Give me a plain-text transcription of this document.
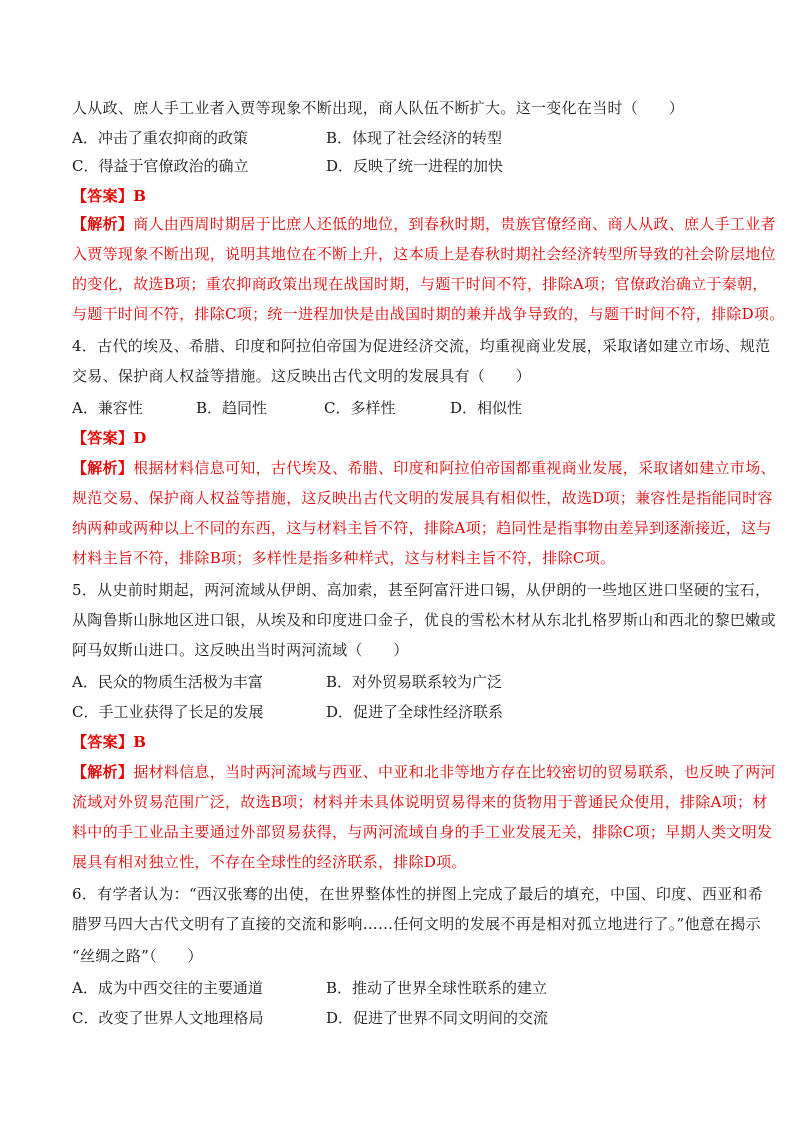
人从政、庶人手工业者入贾等现象不断出现，商人队伍不断扩大。这一变化在当时（　　）
A．冲击了重农抑商的政策	B．体现了社会经济的转型
C．得益于官僚政治的确立	D．反映了统一进程的加快
【答案】B
【解析】商人由西周时期居于比庶人还低的地位，到春秋时期，贵族官僚经商、商人从政、庶人手工业者
入贾等现象不断出现，说明其地位在不断上升，这本质上是春秋时期社会经济转型所导致的社会阶层地位
的变化，故选B项；重农抑商政策出现在战国时期，与题干时间不符，排除A项；官僚政治确立于秦朝，
与题干时间不符，排除C项；统一进程加快是由战国时期的兼并战争导致的，与题干时间不符，排除D项。
4．古代的埃及、希腊、印度和阿拉伯帝国为促进经济交流，均重视商业发展，采取诸如建立市场、规范
交易、保护商人权益等措施。这反映出古代文明的发展具有（　　）
A．兼容性	B．趋同性	C．多样性	D．相似性
【答案】D
【解析】根据材料信息可知，古代埃及、希腊、印度和阿拉伯帝国都重视商业发展，采取诸如建立市场、
规范交易、保护商人权益等措施，这反映出古代文明的发展具有相似性，故选D项；兼容性是指能同时容
纳两种或两种以上不同的东西，这与材料主旨不符，排除A项；趋同性是指事物由差异到逐渐接近，这与
材料主旨不符，排除B项；多样性是指多种样式，这与材料主旨不符，排除C项。
5．从史前时期起，两河流域从伊朗、高加索，甚至阿富汗进口锡，从伊朗的一些地区进口坚硬的宝石，
从陶鲁斯山脉地区进口银，从埃及和印度进口金子，优良的雪松木材从东北扎格罗斯山和西北的黎巴嫩或
阿马奴斯山进口。这反映出当时两河流域（　　）
A．民众的物质生活极为丰富	B．对外贸易联系较为广泛
C．手工业获得了长足的发展	D．促进了全球性经济联系
【答案】B
【解析】据材料信息，当时两河流域与西亚、中亚和北非等地方存在比较密切的贸易联系，也反映了两河
流域对外贸易范围广泛，故选B项；材料并未具体说明贸易得来的货物用于普通民众使用，排除A项；材
料中的手工业品主要通过外部贸易获得，与两河流域自身的手工业发展无关，排除C项；早期人类文明发
展具有相对独立性，不存在全球性的经济联系，排除D项。
6．有学者认为：“西汉张骞的出使，在世界整体性的拼图上完成了最后的填充，中国、印度、西亚和希
腊罗马四大古代文明有了直接的交流和影响……任何文明的发展不再是相对孤立地进行了。”他意在揭示
“丝绸之路”（　　）
A．成为中西交往的主要通道	B．推动了世界全球性联系的建立
C．改变了世界人文地理格局	D．促进了世界不同文明间的交流
